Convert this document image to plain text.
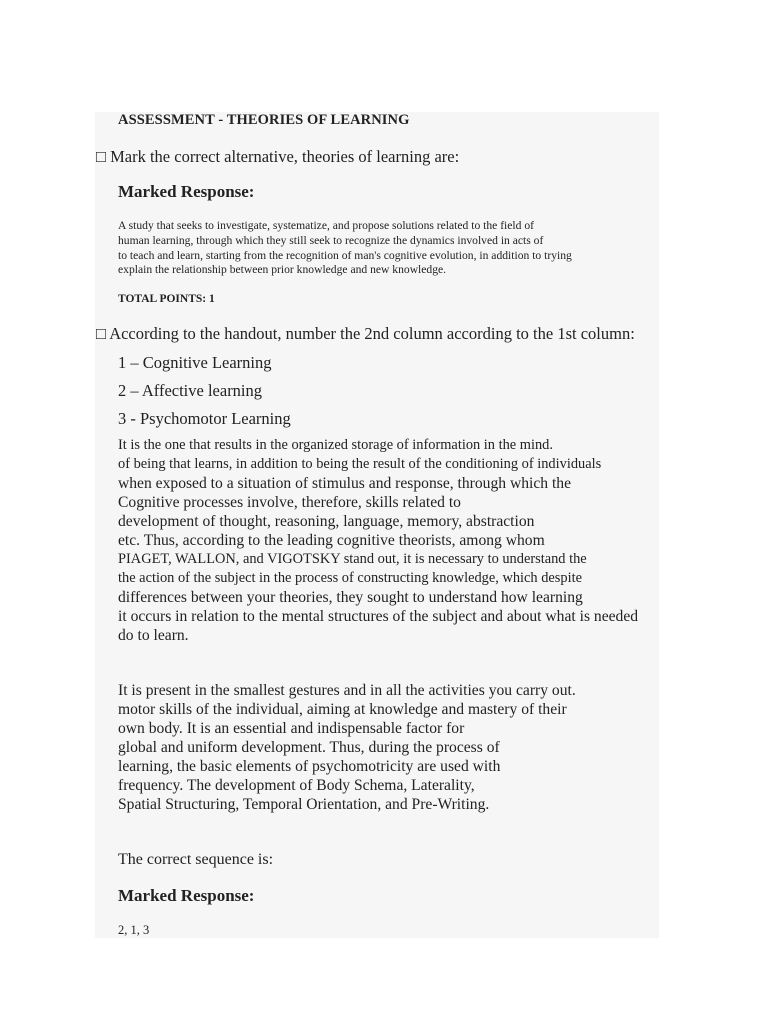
ASSESSMENT - THEORIES OF LEARNING
□ Mark the correct alternative, theories of learning are:
Marked Response:
A study that seeks to investigate, systematize, and propose solutions related to the field of
human learning, through which they still seek to recognize the dynamics involved in acts of
to teach and learn, starting from the recognition of man's cognitive evolution, in addition to trying
explain the relationship between prior knowledge and new knowledge.
TOTAL POINTS: 1
□ According to the handout, number the 2nd column according to the 1st column:
1 – Cognitive Learning
2 – Affective learning
3 - Psychomotor Learning
It is the one that results in the organized storage of information in the mind.
of being that learns, in addition to being the result of the conditioning of individuals
when exposed to a situation of stimulus and response, through which the
Cognitive processes involve, therefore, skills related to
development of thought, reasoning, language, memory, abstraction
etc. Thus, according to the leading cognitive theorists, among whom
PIAGET, WALLON, and VIGOTSKY stand out, it is necessary to understand the
the action of the subject in the process of constructing knowledge, which despite
differences between your theories, they sought to understand how learning
it occurs in relation to the mental structures of the subject and about what is needed
do to learn.
It is present in the smallest gestures and in all the activities you carry out.
motor skills of the individual, aiming at knowledge and mastery of their
own body. It is an essential and indispensable factor for
global and uniform development. Thus, during the process of
learning, the basic elements of psychomotricity are used with
frequency. The development of Body Schema, Laterality,
Spatial Structuring, Temporal Orientation, and Pre-Writing.
The correct sequence is:
Marked Response:
2, 1, 3
